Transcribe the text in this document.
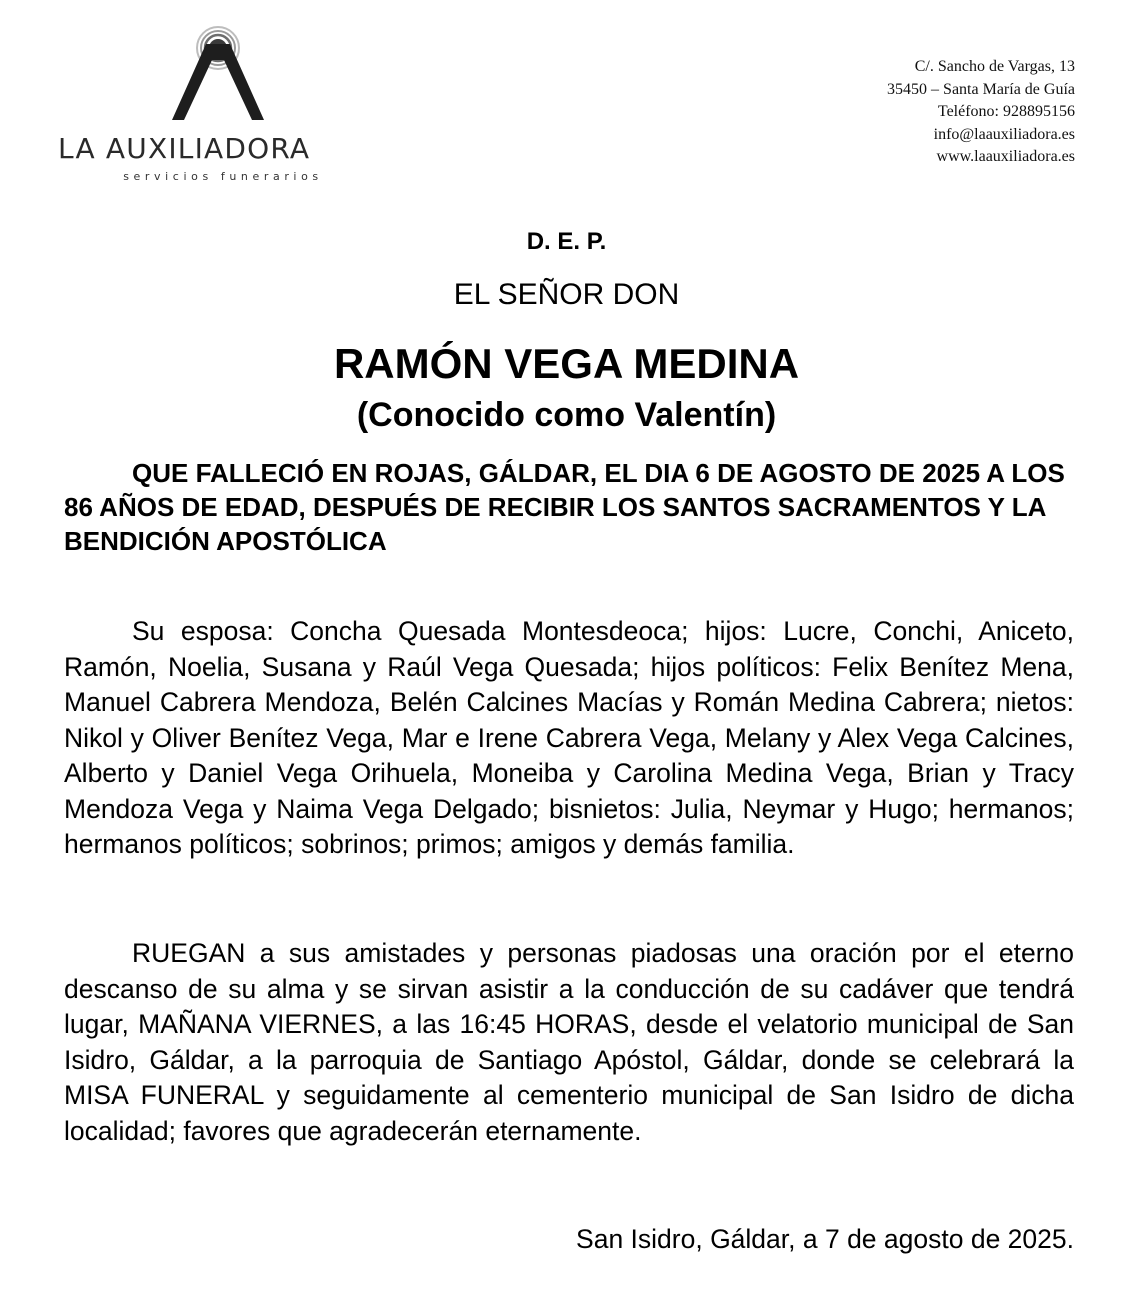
LA AUXILIADORA
servicios funerarios
C/. Sancho de Vargas, 13
35450 – Santa María de Guía
Teléfono: 928895156
info@laauxiliadora.es
www.laauxiliadora.es
D. E. P.
EL SEÑOR DON
RAMÓN VEGA MEDINA
(Conocido como Valentín)
QUE FALLECIÓ EN ROJAS, GÁLDAR, EL DIA 6 DE AGOSTO DE 2025 A LOS 86 AÑOS DE EDAD, DESPUÉS DE RECIBIR LOS SANTOS SACRAMENTOS Y LA BENDICIÓN APOSTÓLICA
Su esposa: Concha Quesada Montesdeoca; hijos: Lucre, Conchi, Aniceto, Ramón, Noelia, Susana y Raúl Vega Quesada; hijos políticos: Felix Benítez Mena, Manuel Cabrera Mendoza, Belén Calcines Macías y Román Medina Cabrera; nietos: Nikol y Oliver Benítez Vega, Mar e Irene Cabrera Vega, Melany y Alex Vega Calcines, Alberto y Daniel Vega Orihuela, Moneiba y Carolina Medina Vega, Brian y Tracy Mendoza Vega y Naima Vega Delgado; bisnietos: Julia, Neymar y Hugo; hermanos; hermanos políticos; sobrinos; primos; amigos y demás familia.
RUEGAN a sus amistades y personas piadosas una oración por el eterno descanso de su alma y se sirvan asistir a la conducción de su cadáver que tendrá lugar, MAÑANA VIERNES, a las 16:45 HORAS, desde el velatorio municipal de San Isidro, Gáldar, a la parroquia de Santiago Apóstol, Gáldar, donde se celebrará la MISA FUNERAL y seguidamente al cementerio municipal de San Isidro de dicha localidad; favores que agradecerán eternamente.
San Isidro, Gáldar, a 7 de agosto de 2025.
